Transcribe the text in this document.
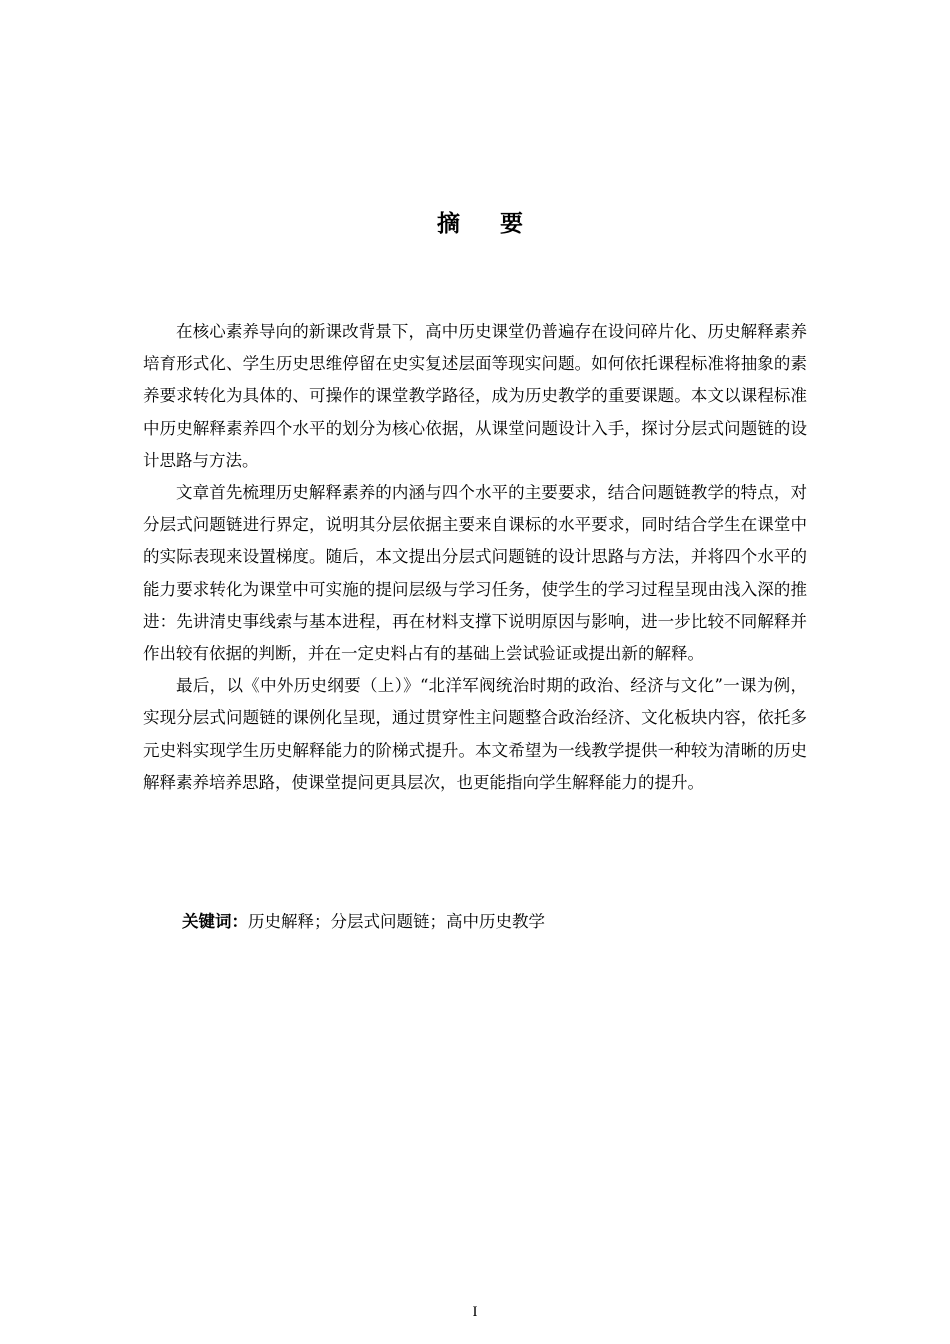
摘要

在核心素养导向的新课改背景下，高中历史课堂仍普遍存在设问碎片化、历史解释素养培育形式化、学生历史思维停留在史实复述层面等现实问题。如何依托课程标准将抽象的素养要求转化为具体的、可操作的课堂教学路径，成为历史教学的重要课题。本文以课程标准中历史解释素养四个水平的划分为核心依据，从课堂问题设计入手，探讨分层式问题链的设计思路与方法。

文章首先梳理历史解释素养的内涵与四个水平的主要要求，结合问题链教学的特点，对分层式问题链进行界定，说明其分层依据主要来自课标的水平要求，同时结合学生在课堂中的实际表现来设置梯度。随后，本文提出分层式问题链的设计思路与方法，并将四个水平的能力要求转化为课堂中可实施的提问层级与学习任务，使学生的学习过程呈现由浅入深的推进：先讲清史事线索与基本进程，再在材料支撑下说明原因与影响，进一步比较不同解释并作出较有依据的判断，并在一定史料占有的基础上尝试验证或提出新的解释。

最后，以《中外历史纲要（上）》“北洋军阀统治时期的政治、经济与文化”一课为例，实现分层式问题链的课例化呈现，通过贯穿性主问题整合政治经济、文化板块内容，依托多元史料实现学生历史解释能力的阶梯式提升。本文希望为一线教学提供一种较为清晰的历史解释素养培养思路，使课堂提问更具层次，也更能指向学生解释能力的提升。

关键词：历史解释；分层式问题链；高中历史教学
I
